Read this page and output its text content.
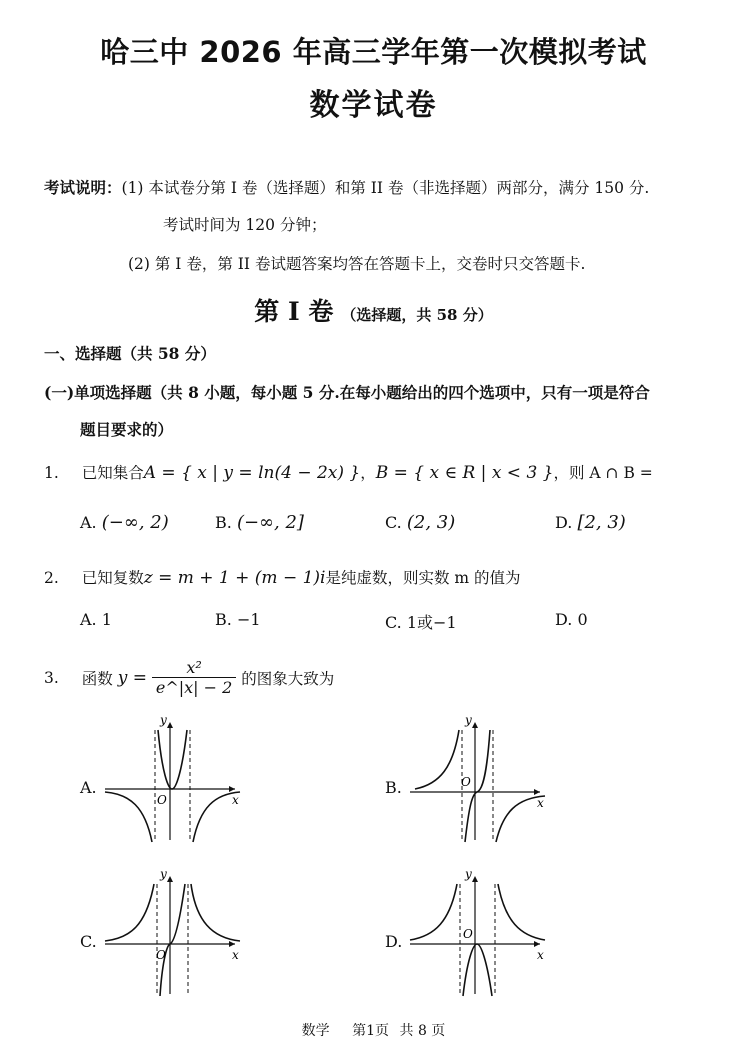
哈三中 2026 年高三学年第一次模拟考试
数学试卷
考试说明：(1) 本试卷分第 I 卷（选择题）和第 II 卷（非选择题）两部分，满分 150 分.
考试时间为 120 分钟；
(2) 第 I 卷，第 II 卷试题答案均答在答题卡上，交卷时只交答题卡.
第 I 卷 （选择题，共 58 分）
一、选择题（共 58 分）
(一)单项选择题（共 8 小题，每小题 5 分.在每小题给出的四个选项中，只有一项是符合
题目要求的）
1. 已知集合A = { x | y = ln(4 − 2x) }，B = { x ∈ R | x < 3 }，则 A ∩ B =
A. (−∞, 2)	B. (−∞, 2]	C. (2, 3)	D. [2, 3)
2. 已知复数z = m + 1 + (m − 1)i是纯虚数，则实数 m 的值为
A. 1	B. −1	C. 1或−1	D. 0
3. 函数 $y = \frac{\text{x²}}{e\^{}|x| - 2}$ 的图象大致为
A.	B.
C.	D.
y
x
O
y
x
O
y
x
O
y
x
O
数学 第1页 共 8 页
